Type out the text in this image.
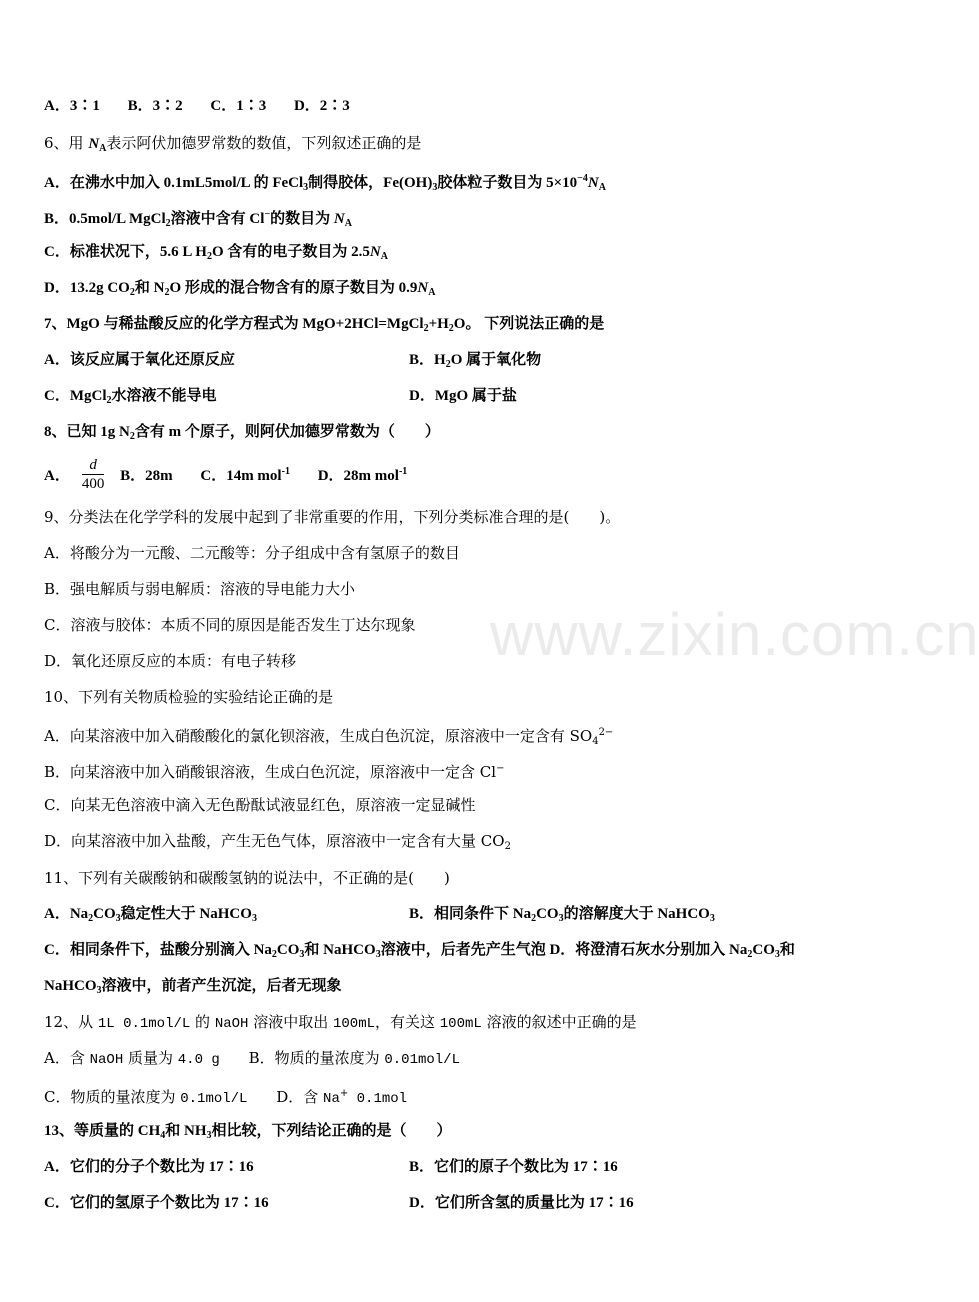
www.zixin.com.cn
A．3∶1 B．3∶2 C．1∶3 D．2∶3
6、用 $N_A$表示阿伏加德罗常数的数值，下列叙述正确的是
A．在沸水中加入 0.1mL5mol/L 的 FeCl$_3$制得胶体，$Fe(OH)_3$胶体粒子数目为 $5\times 10^{-4}N_A$
B．0.5mol/L MgCl$_2$溶液中含有 Cl−的数目为 $N_A$
C．标准状况下，5.6 L $H_2O$ 含有的电子数目为 $2.5N_A$
D．13.2g $CO_2$和 $N_2O$ 形成的混合物含有的原子数目为 $0.9N_A$
7、MgO 与稀盐酸反应的化学方程式为 $MgO+2HCl=MgCl_2+H_2O$。 下列说法正确的是
A．该反应属于氧化还原反应	B．$H_2O$ 属于氧化物
C．MgCl$_2$水溶液不能导电	D．MgO 属于盐
8、已知 1g $N_2$含有 m 个原子，则阿伏加德罗常数为（　　）
A． $\frac{d}{400}$ B．28m C．14m mol$^{-1}$ D．28m mol$^{-1}$
9、分类法在化学学科的发展中起到了非常重要的作用，下列分类标准合理的是(　　)。
A．将酸分为一元酸、二元酸等：分子组成中含有氢原子的数目
B．强电解质与弱电解质：溶液的导电能力大小
C．溶液与胶体：本质不同的原因是能否发生丁达尔现象
D．氧化还原反应的本质：有电子转移
10、下列有关物质检验的实验结论正确的是
A．向某溶液中加入硝酸酸化的氯化钡溶液，生成白色沉淀，原溶液中一定含有 $SO_4^{2-}$
B．向某溶液中加入硝酸银溶液，生成白色沉淀，原溶液中一定含 Cl−
C．向某无色溶液中滴入无色酚酞试液显红色，原溶液一定显碱性
D．向某溶液中加入盐酸，产生无色气体，原溶液中一定含有大量 $CO_2$
11、下列有关碳酸钠和碳酸氢钠的说法中，不正确的是(　　)
A．$Na_2CO_3$稳定性大于 NaHCO$_3$	B．相同条件下 $Na_2CO_3$的溶解度大于 NaHCO$_3$
C．相同条件下，盐酸分别滴入 $Na_2CO_3$和 NaHCO$_3$溶液中，后者先产生气泡 D．将澄清石灰水分别加入 $Na_2CO_3$和
NaHCO$_3$溶液中，前者产生沉淀，后者无现象
12、从 1L 0.1mol/L 的 NaOH 溶液中取出 100mL，有关这 100mL 溶液的叙述中正确的是
A．含 NaOH 质量为 4.0 g B．物质的量浓度为 0.01mol/L
C．物质的量浓度为 0.1mol/L D．含 Na+ 0.1mol
13、等质量的 $CH_4$和 $NH_3$相比较，下列结论正确的是（　　）
A．它们的分子个数比为 17∶16	B．它们的原子个数比为 17∶16
C．它们的氢原子个数比为 17∶16	D．它们所含氢的质量比为 17∶16
